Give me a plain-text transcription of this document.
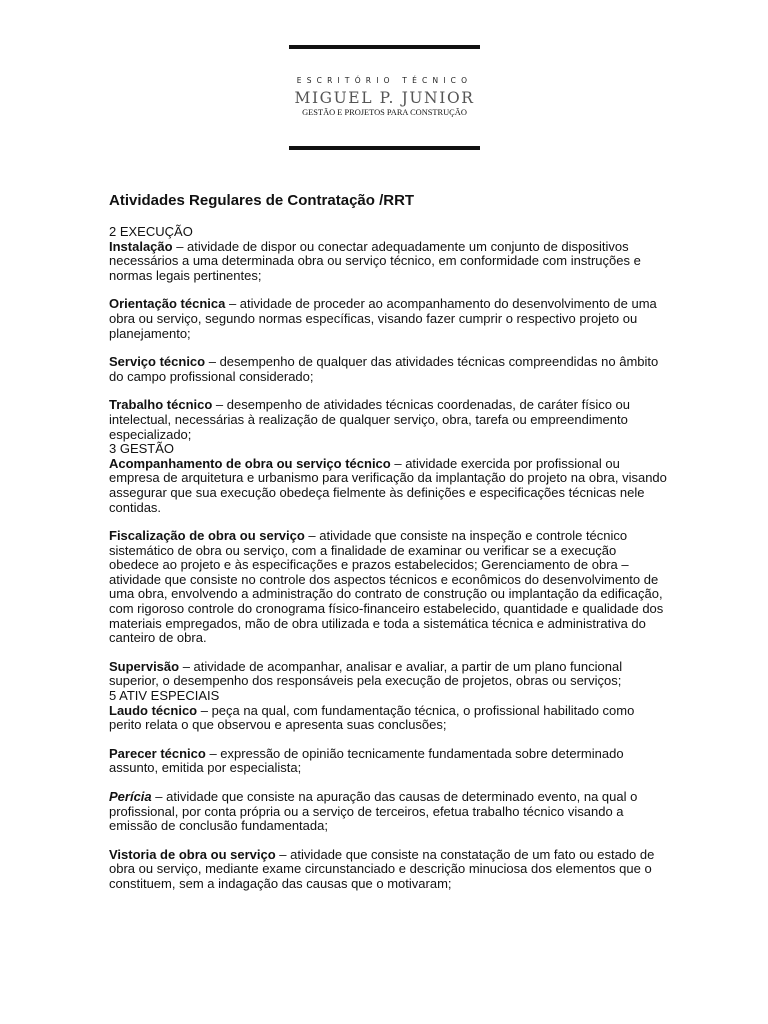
ESCRITÓRIO TÉCNICO
MIGUEL P. JUNIOR
GESTÃO E PROJETOS PARA CONSTRUÇÃO
Atividades Regulares de Contratação /RRT
2 EXECUÇÃO
Instalação – atividade de dispor ou conectar adequadamente um conjunto de dispositivos necessários a uma determinada obra ou serviço técnico, em conformidade com instruções e normas legais pertinentes;
Orientação técnica – atividade de proceder ao acompanhamento do desenvolvimento de uma obra ou serviço, segundo normas específicas, visando fazer cumprir o respectivo projeto ou planejamento;
Serviço técnico – desempenho de qualquer das atividades técnicas compreendidas no âmbito do campo profissional considerado;
Trabalho técnico – desempenho de atividades técnicas coordenadas, de caráter físico ou intelectual, necessárias à realização de qualquer serviço, obra, tarefa ou empreendimento especializado;
3 GESTÃO
Acompanhamento de obra ou serviço técnico – atividade exercida por profissional ou empresa de arquitetura e urbanismo para verificação da implantação do projeto na obra, visando assegurar que sua execução obedeça fielmente às definições e especificações técnicas nele contidas.
Fiscalização de obra ou serviço – atividade que consiste na inspeção e controle técnico sistemático de obra ou serviço, com a finalidade de examinar ou verificar se a execução obedece ao projeto e às especificações e prazos estabelecidos; Gerenciamento de obra – atividade que consiste no controle dos aspectos técnicos e econômicos do desenvolvimento de uma obra, envolvendo a administração do contrato de construção ou implantação da edificação, com rigoroso controle do cronograma físico-financeiro estabelecido, quantidade e qualidade dos materiais empregados, mão de obra utilizada e toda a sistemática técnica e administrativa do canteiro de obra.
Supervisão – atividade de acompanhar, analisar e avaliar, a partir de um plano funcional superior, o desempenho dos responsáveis pela execução de projetos, obras ou serviços;
5 ATIV ESPECIAIS
Laudo técnico – peça na qual, com fundamentação técnica, o profissional habilitado como perito relata o que observou e apresenta suas conclusões;
Parecer técnico – expressão de opinião tecnicamente fundamentada sobre determinado assunto, emitida por especialista;
Perícia – atividade que consiste na apuração das causas de determinado evento, na qual o profissional, por conta própria ou a serviço de terceiros, efetua trabalho técnico visando a emissão de conclusão fundamentada;
Vistoria de obra ou serviço – atividade que consiste na constatação de um fato ou estado de obra ou serviço, mediante exame circunstanciado e descrição minuciosa dos elementos que o constituem, sem a indagação das causas que o motivaram;
